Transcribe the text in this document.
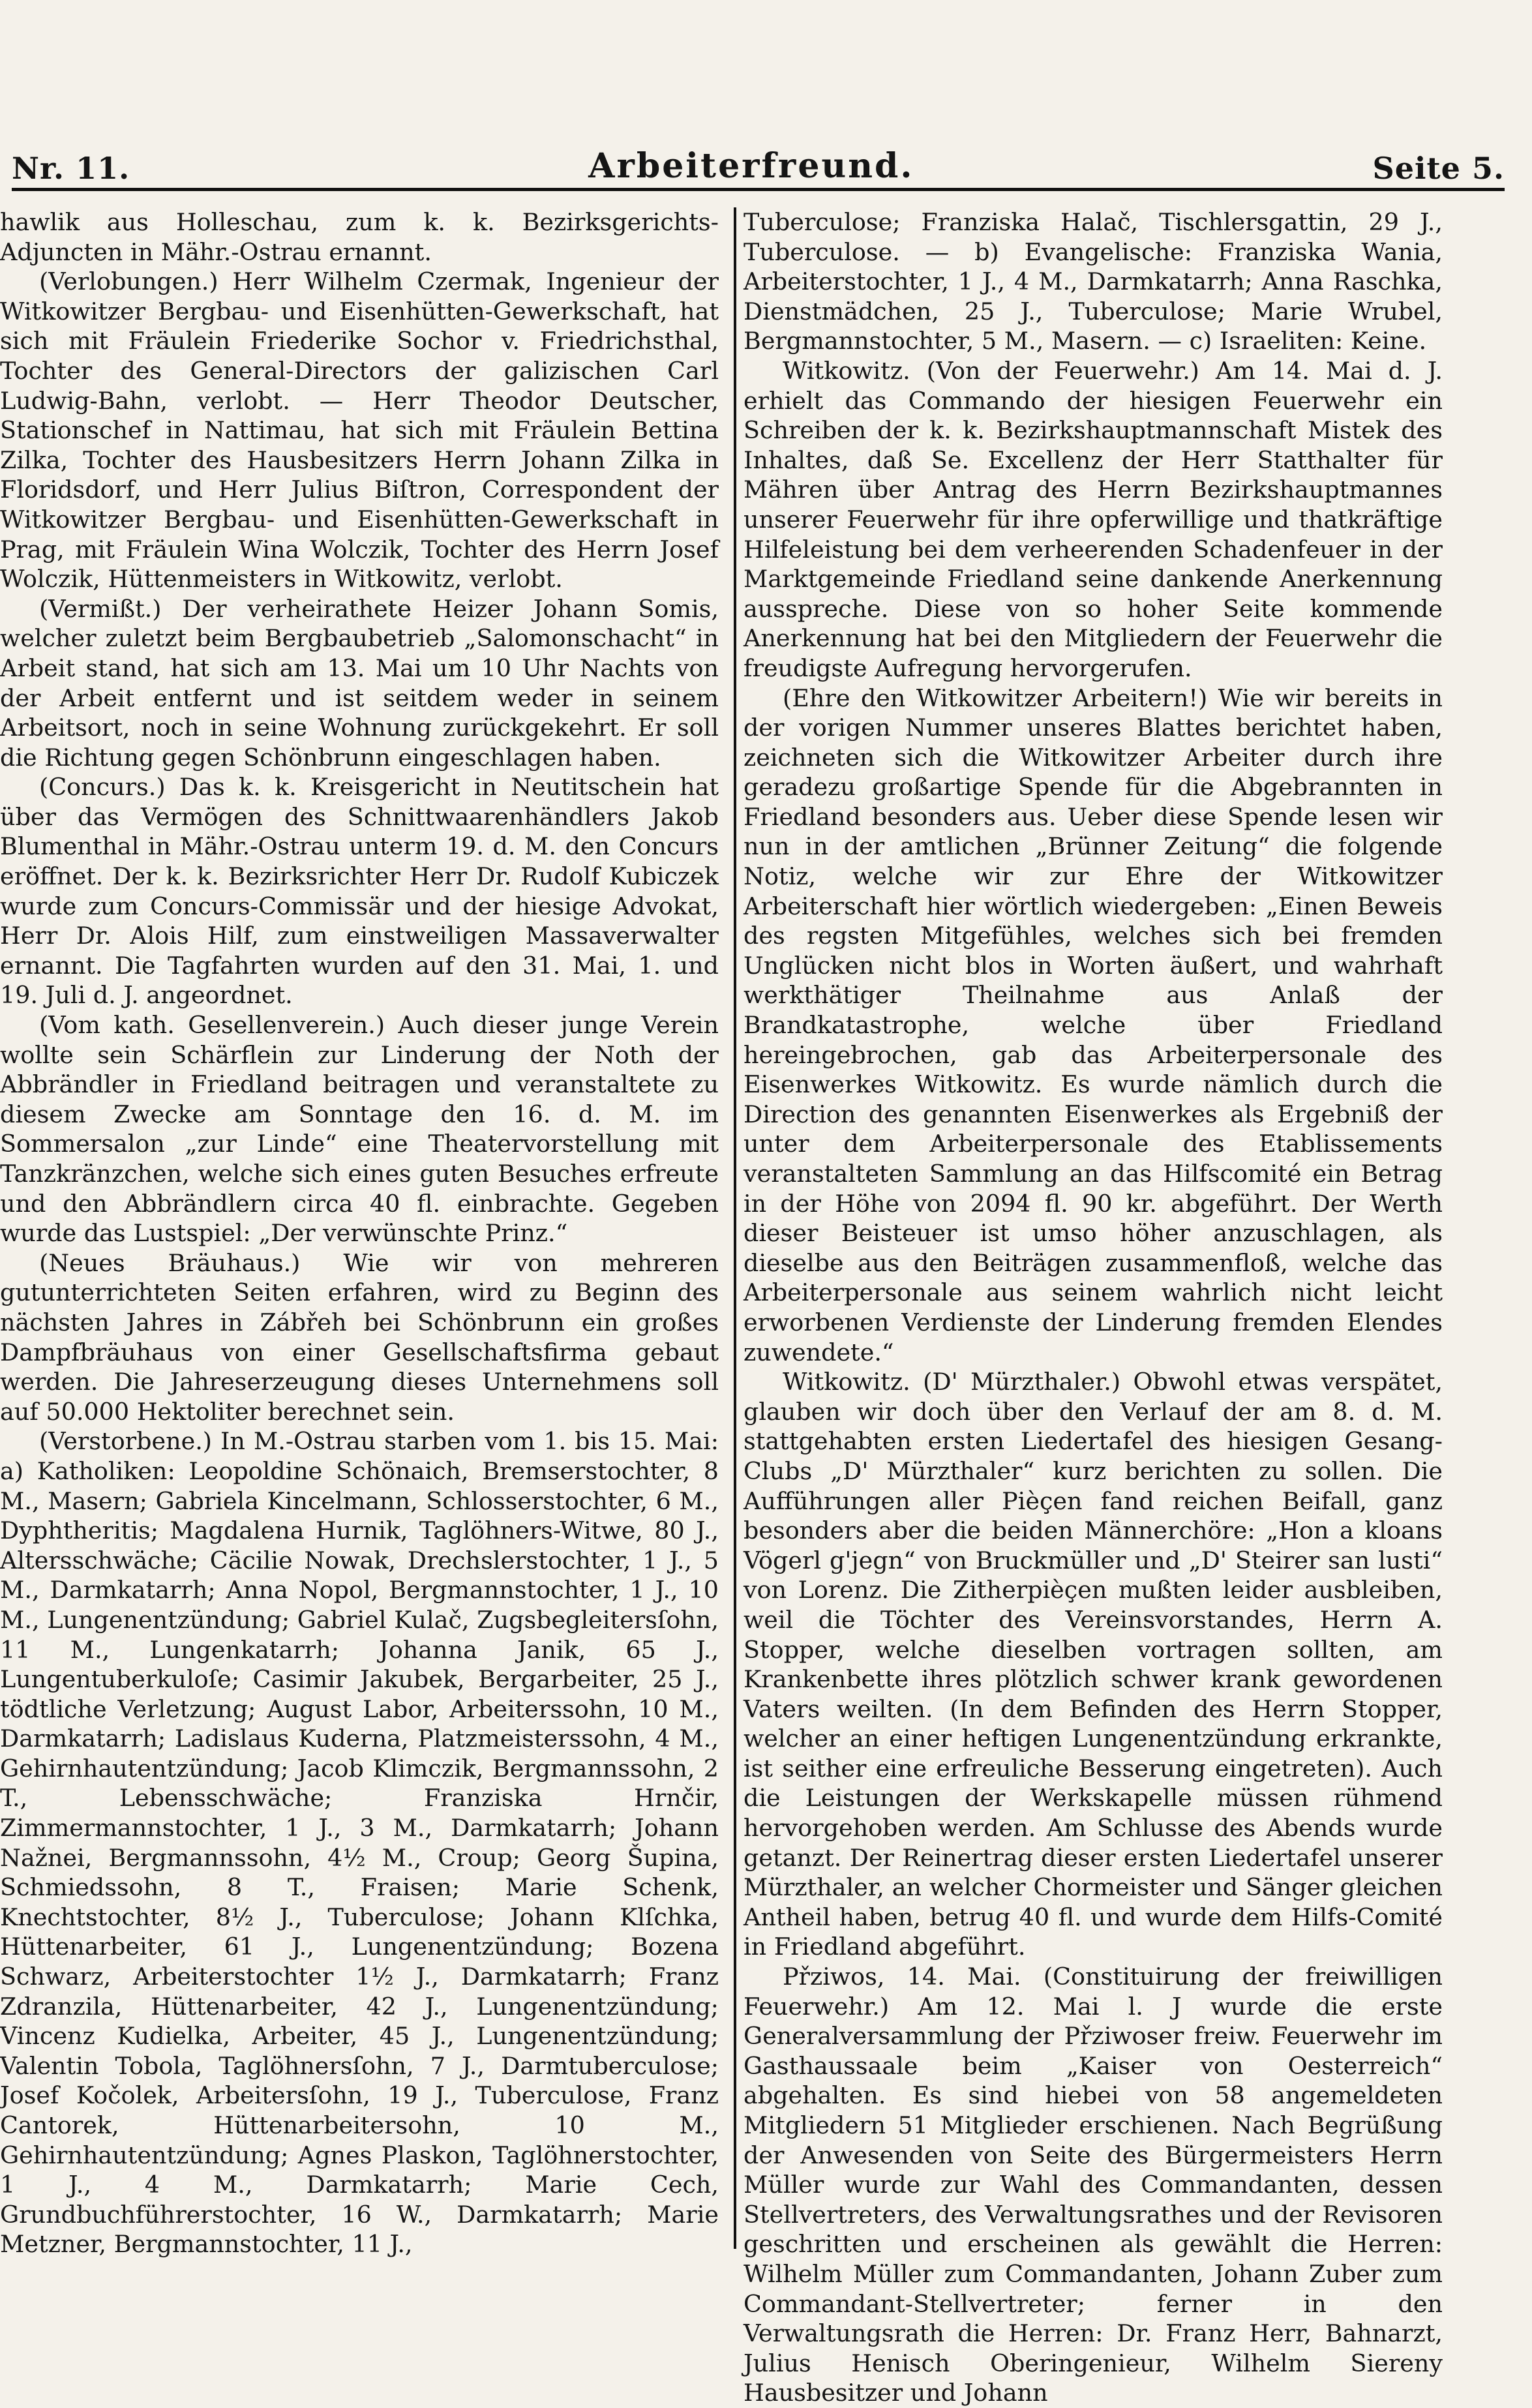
Nr. 11.	Arbeiterfreund.	Seite 5.

hawlik aus Holleschau, zum k. k. Bezirksgerichts-Adjuncten in Mähr.-Ostrau ernannt.

(Verlobungen.) Herr Wilhelm Czermak, Ingenieur der Witkowitzer Bergbau- und Eisenhütten-Gewerkschaft, hat sich mit Fräulein Friederike Sochor v. Friedrichsthal, Tochter des General-Directors der galizischen Carl Ludwig-Bahn, verlobt. — Herr Theodor Deutscher, Stationschef in Nattimau, hat sich mit Fräulein Bettina Zilka, Tochter des Hausbesitzers Herrn Johann Zilka in Floridsdorf, und Herr Julius Biſtron, Correspondent der Witkowitzer Bergbau- und Eisenhütten-Gewerkschaft in Prag, mit Fräulein Wina Wolczik, Tochter des Herrn Josef Wolczik, Hüttenmeisters in Witkowitz, verlobt.

(Vermißt.) Der verheirathete Heizer Johann Somis, welcher zuletzt beim Bergbaubetrieb „Salomonschacht“ in Arbeit stand, hat sich am 13. Mai um 10 Uhr Nachts von der Arbeit entfernt und ist seitdem weder in seinem Arbeitsort, noch in seine Wohnung zurückgekehrt. Er soll die Richtung gegen Schönbrunn eingeschlagen haben.

(Concurs.) Das k. k. Kreisgericht in Neutitschein hat über das Vermögen des Schnittwaarenhändlers Jakob Blumenthal in Mähr.-Ostrau unterm 19. d. M. den Concurs eröffnet. Der k. k. Bezirksrichter Herr Dr. Rudolf Kubiczek wurde zum Concurs-Commissär und der hiesige Advokat, Herr Dr. Alois Hilf, zum einstweiligen Massaverwalter ernannt. Die Tagfahrten wurden auf den 31. Mai, 1. und 19. Juli d. J. angeordnet.

(Vom kath. Gesellenverein.) Auch dieser junge Verein wollte sein Schärflein zur Linderung der Noth der Abbrändler in Friedland beitragen und veranstaltete zu diesem Zwecke am Sonntage den 16. d. M. im Sommersalon „zur Linde“ eine Theatervorstellung mit Tanzkränzchen, welche sich eines guten Besuches erfreute und den Abbrändlern circa 40 fl. einbrachte. Gegeben wurde das Lustspiel: „Der verwünschte Prinz.“

(Neues Bräuhaus.) Wie wir von mehreren gutunterrichteten Seiten erfahren, wird zu Beginn des nächsten Jahres in Zábřeh bei Schönbrunn ein großes Dampfbräuhaus von einer Gesellschaftsfirma gebaut werden. Die Jahreserzeugung dieses Unternehmens soll auf 50.000 Hektoliter berechnet sein.

(Verstorbene.) In M.-Ostrau starben vom 1. bis 15. Mai: a) Katholiken: Leopoldine Schönaich, Bremserstochter, 8 M., Masern; Gabriela Kincelmann, Schlosserstochter, 6 M., Dyphtheritis; Magdalena Hurnik, Taglöhners-Witwe, 80 J., Altersschwäche; Cäcilie Nowak, Drechslerstochter, 1 J., 5 M., Darmkatarrh; Anna Nopol, Bergmannstochter, 1 J., 10 M., Lungenentzündung; Gabriel Kulač, Zugsbegleitersſohn, 11 M., Lungenkatarrh; Johanna Janik, 65 J., Lungentuberkuloſe; Casimir Jakubek, Bergarbeiter, 25 J., tödtliche Verletzung; August Labor, Arbeiterssohn, 10 M., Darmkatarrh; Ladislaus Kuderna, Platzmeisterssohn, 4 M., Gehirnhautentzündung; Jacob Klimczik, Bergmannssohn, 2 T., Lebensschwäche; Franziska Hrnčir, Zimmermannstochter, 1 J., 3 M., Darmkatarrh; Johann Nažnei, Bergmannssohn, 4½ M., Croup; Georg Šupina, Schmiedssohn, 8 T., Fraisen; Marie Schenk, Knechtstochter, 8½ J., Tuberculose; Johann Klſchka, Hüttenarbeiter, 61 J., Lungenentzündung; Bozena Schwarz, Arbeiterstochter 1½ J., Darmkatarrh; Franz Zdranzila, Hüttenarbeiter, 42 J., Lungenentzündung; Vincenz Kudielka, Arbeiter, 45 J., Lungenentzündung; Valentin Tobola, Taglöhnersſohn, 7 J., Darmtuberculose; Josef Kočolek, Arbeitersſohn, 19 J., Tuberculose, Franz Cantorek, Hüttenarbeitersohn, 10 M., Gehirnhautentzündung; Agnes Plaskon, Taglöhnerstochter, 1 J., 4 M., Darmkatarrh; Marie Cech, Grundbuchführerstochter, 16 W., Darmkatarrh; Marie Metzner, Bergmannstochter, 11 J.,

Tuberculose; Franziska Halač, Tischlersgattin, 29 J., Tuberculose. — b) Evangelische: Franziska Wania, Arbeiterstochter, 1 J., 4 M., Darmkatarrh; Anna Raschka, Dienstmädchen, 25 J., Tuberculose; Marie Wrubel, Bergmannstochter, 5 M., Masern. — c) Israeliten: Keine.

Witkowitz. (Von der Feuerwehr.) Am 14. Mai d. J. erhielt das Commando der hiesigen Feuerwehr ein Schreiben der k. k. Bezirkshauptmannschaft Mistek des Inhaltes, daß Se. Excellenz der Herr Statthalter für Mähren über Antrag des Herrn Bezirkshauptmannes unserer Feuerwehr für ihre opferwillige und thatkräftige Hilfeleistung bei dem verheerenden Schadenfeuer in der Marktgemeinde Friedland seine dankende Anerkennung ausspreche. Diese von so hoher Seite kommende Anerkennung hat bei den Mitgliedern der Feuerwehr die freudigste Aufregung hervorgerufen.

(Ehre den Witkowitzer Arbeitern!) Wie wir bereits in der vorigen Nummer unseres Blattes berichtet haben, zeichneten sich die Witkowitzer Arbeiter durch ihre geradezu großartige Spende für die Abgebrannten in Friedland besonders aus. Ueber diese Spende lesen wir nun in der amtlichen „Brünner Zeitung“ die folgende Notiz, welche wir zur Ehre der Witkowitzer Arbeiterschaft hier wörtlich wiedergeben: „Einen Beweis des regsten Mitgefühles, welches sich bei fremden Unglücken nicht blos in Worten äußert, und wahrhaft werkthätiger Theilnahme aus Anlaß der Brandkatastrophe, welche über Friedland hereingebrochen, gab das Arbeiterpersonale des Eisenwerkes Witkowitz. Es wurde nämlich durch die Direction des genannten Eisenwerkes als Ergebniß der unter dem Arbeiterpersonale des Etablissements veranstalteten Sammlung an das Hilfscomité ein Betrag in der Höhe von 2094 fl. 90 kr. abgeführt. Der Werth dieser Beisteuer ist umso höher anzuschlagen, als dieselbe aus den Beiträgen zusammenfloß, welche das Arbeiterpersonale aus seinem wahrlich nicht leicht erworbenen Verdienste der Linderung fremden Elendes zuwendete.“

Witkowitz. (D' Mürzthaler.) Obwohl etwas verspätet, glauben wir doch über den Verlauf der am 8. d. M. stattgehabten ersten Liedertafel des hiesigen Gesang-Clubs „D' Mürzthaler“ kurz berichten zu sollen. Die Aufführungen aller Pièçen fand reichen Beifall, ganz besonders aber die beiden Männerchöre: „Hon a kloans Vögerl g'jegn“ von Bruckmüller und „D' Steirer san lusti“ von Lorenz. Die Zitherpièçen mußten leider ausbleiben, weil die Töchter des Vereinsvorstandes, Herrn A. Stopper, welche dieselben vortragen sollten, am Krankenbette ihres plötzlich schwer krank gewordenen Vaters weilten. (In dem Befinden des Herrn Stopper, welcher an einer heftigen Lungenentzündung erkrankte, ist seither eine erfreuliche Besserung eingetreten). Auch die Leistungen der Werkskapelle müssen rühmend hervorgehoben werden. Am Schlusse des Abends wurde getanzt. Der Reinertrag dieser ersten Liedertafel unserer Mürzthaler, an welcher Chormeister und Sänger gleichen Antheil haben, betrug 40 fl. und wurde dem Hilfs-Comité in Friedland abgeführt.

Přziwos, 14. Mai. (Constituirung der freiwilligen Feuerwehr.) Am 12. Mai l. J wurde die erste Generalversammlung der Přziwoser freiw. Feuerwehr im Gasthaussaale beim „Kaiser von Oesterreich“ abgehalten. Es sind hiebei von 58 angemeldeten Mitgliedern 51 Mitglieder erschienen. Nach Begrüßung der Anwesenden von Seite des Bürgermeisters Herrn Müller wurde zur Wahl des Commandanten, dessen Stellvertreters, des Verwaltungsrathes und der Revisoren geschritten und erscheinen als gewählt die Herren: Wilhelm Müller zum Commandanten, Johann Zuber zum Commandant-Stellvertreter; ferner in den Verwaltungsrath die Herren: Dr. Franz Herr, Bahnarzt, Julius Henisch Oberingenieur, Wilhelm Siereny Hausbesitzer und Johann
